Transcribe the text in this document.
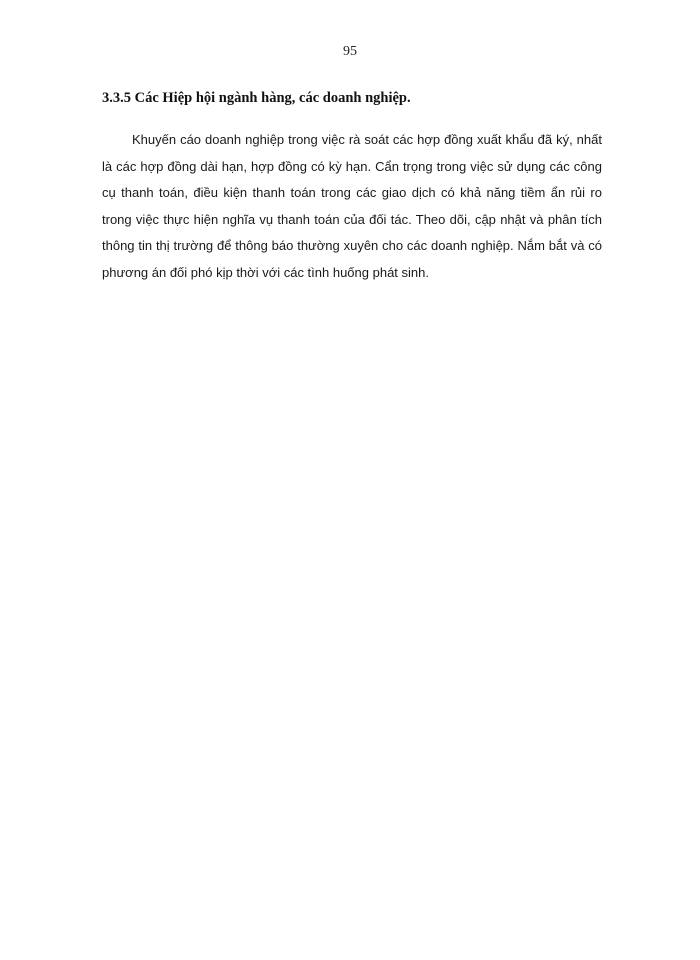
95
3.3.5 Các Hiệp hội ngành hàng, các doanh nghiệp.

Khuyến cáo doanh nghiệp trong việc rà soát các hợp đồng xuất khẩu đã ký, nhất là các hợp đồng dài hạn, hợp đồng có kỳ hạn. Cẩn trọng trong việc sử dụng các công cụ thanh toán, điều kiện thanh toán trong các giao dịch có khả năng tiềm ẩn rủi ro trong việc thực hiện nghĩa vụ thanh toán của đối tác. Theo dõi, cập nhật và phân tích thông tin thị trường để thông báo thường xuyên cho các doanh nghiệp. Nắm bắt và có phương án đối phó kịp thời với các tình huống phát sinh.
